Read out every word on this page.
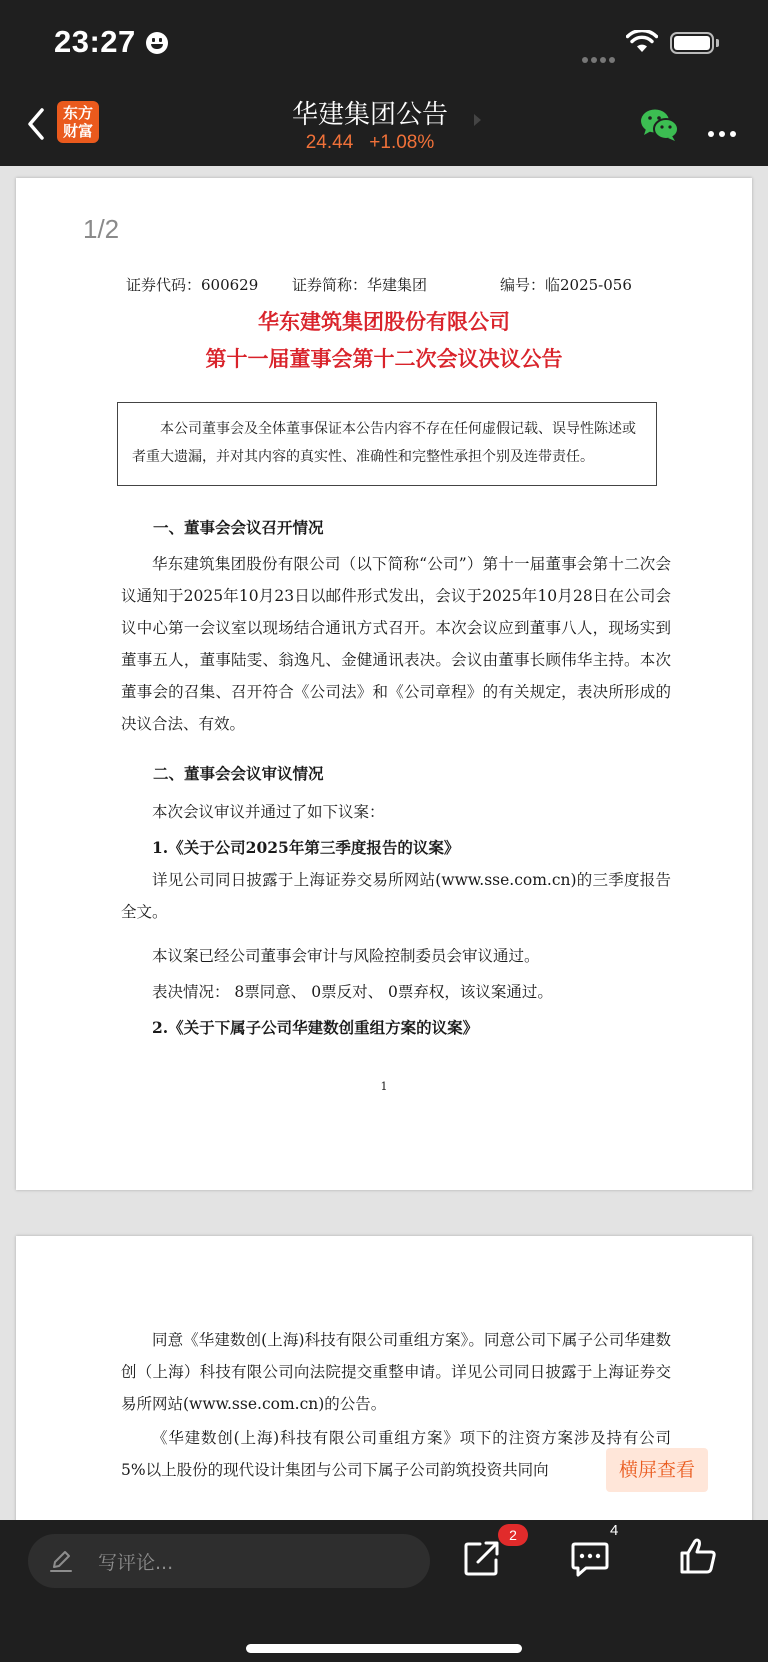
23:27
东方
财富
华建集团公告
24.44 +1.08%
1/2
证券代码：600629 证券简称：华建集团	编号：临2025-056
华东建筑集团股份有限公司
第十一届董事会第十二次会议决议公告
本公司董事会及全体董事保证本公告内容不存在任何虚假记载、误导性陈述或者重大遗漏，并对其内容的真实性、准确性和完整性承担个别及连带责任。
一、董事会会议召开情况
华东建筑集团股份有限公司（以下简称“公司”）第十一届董事会第十二次会议通知于2025年10月23日以邮件形式发出，会议于2025年10月28日在公司会议中心第一会议室以现场结合通讯方式召开。本次会议应到董事八人，现场实到董事五人，董事陆雯、翁逸凡、金健通讯表决。会议由董事长顾伟华主持。本次董事会的召集、召开符合《公司法》和《公司章程》的有关规定，表决所形成的决议合法、有效。
二、董事会会议审议情况
本次会议审议并通过了如下议案：
1.《关于公司2025年第三季度报告的议案》
详见公司同日披露于上海证券交易所网站(www.sse.com.cn)的三季度报告全文。
本议案已经公司董事会审计与风险控制委员会审议通过。
表决情况： 8票同意、 0票反对、 0票弃权，该议案通过。
2.《关于下属子公司华建数创重组方案的议案》
1
同意《华建数创(上海)科技有限公司重组方案》。同意公司下属子公司华建数创（上海）科技有限公司向法院提交重整申请。详见公司同日披露于上海证券交易所网站(www.sse.com.cn)的公告。
《华建数创(上海)科技有限公司重组方案》项下的注资方案涉及持有公司 5%以上股份的现代设计集团与公司下属子公司韵筑投资共同向	横屏查看
写评论...
2	4
